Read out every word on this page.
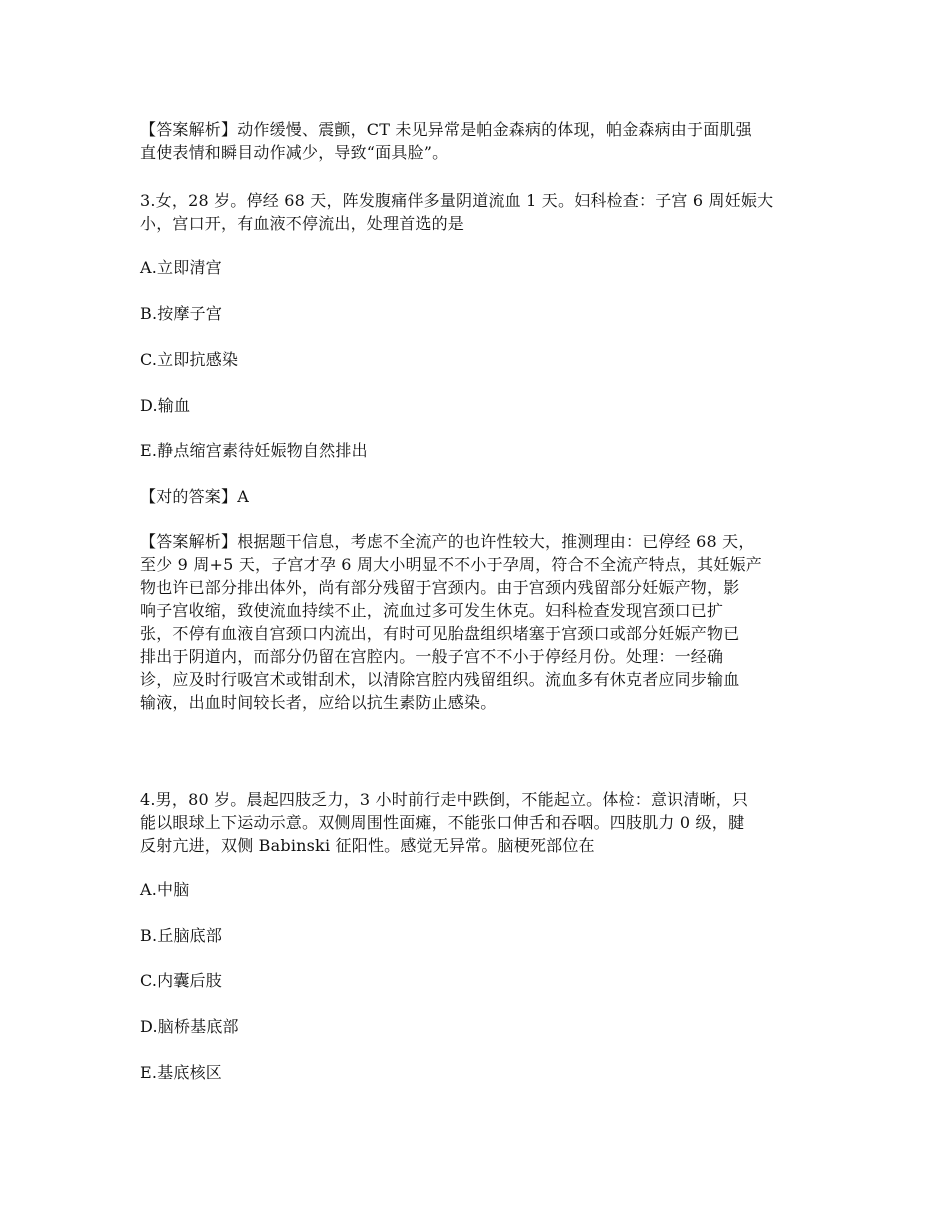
【答案解析】动作缓慢、震颤，CT 未见异常是帕金森病的体现，帕金森病由于面肌强
直使表情和瞬目动作减少，导致“面具脸”。

3.女，28 岁。停经 68 天，阵发腹痛伴多量阴道流血 1 天。妇科检查：子宫 6 周妊娠大
小，宫口开，有血液不停流出，处理首选的是

A.立即清宫

B.按摩子宫

C.立即抗感染

D.输血

E.静点缩宫素待妊娠物自然排出

【对的答案】A

【答案解析】根据题干信息，考虑不全流产的也许性较大，推测理由：已停经 68 天，
至少 9 周+5 天，子宫才孕 6 周大小明显不不小于孕周，符合不全流产特点，其妊娠产
物也许已部分排出体外，尚有部分残留于宫颈内。由于宫颈内残留部分妊娠产物，影
响子宫收缩，致使流血持续不止，流血过多可发生休克。妇科检查发现宫颈口已扩
张，不停有血液自宫颈口内流出，有时可见胎盘组织堵塞于宫颈口或部分妊娠产物已
排出于阴道内，而部分仍留在宫腔内。一般子宫不不小于停经月份。处理：一经确
诊，应及时行吸宫术或钳刮术，以清除宫腔内残留组织。流血多有休克者应同步输血
输液，出血时间较长者，应给以抗生素防止感染。

4.男，80 岁。晨起四肢乏力，3 小时前行走中跌倒，不能起立。体检：意识清晰，只
能以眼球上下运动示意。双侧周围性面瘫，不能张口伸舌和吞咽。四肢肌力 0 级，腱
反射亢进，双侧 Babinski 征阳性。感觉无异常。脑梗死部位在

A.中脑

B.丘脑底部

C.内囊后肢

D.脑桥基底部

E.基底核区
